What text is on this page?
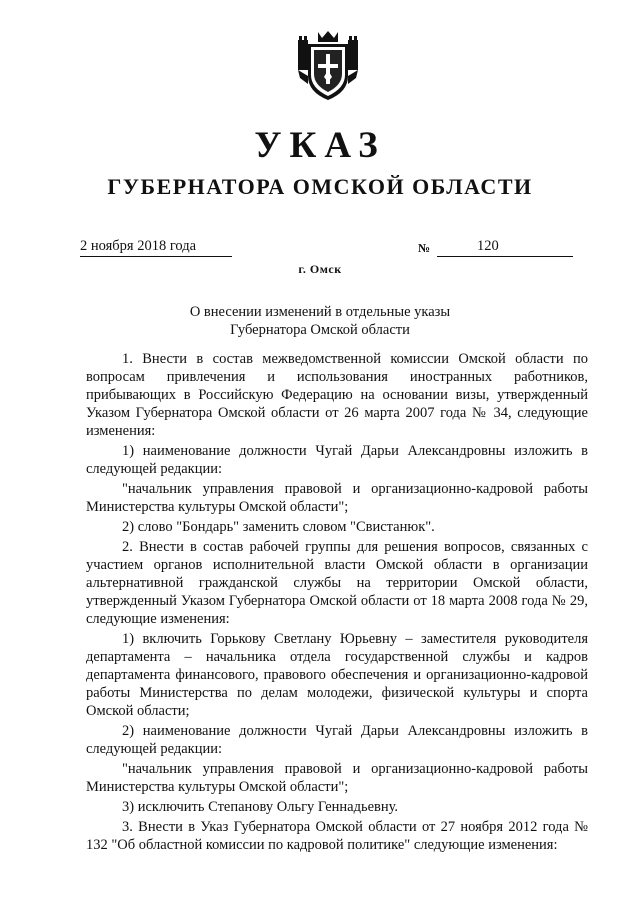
УКАЗ
ГУБЕРНАТОРА ОМСКОЙ ОБЛАСТИ
2 ноября 2018 года	№	120
г. Омск
О внесении изменений в отдельные указы
Губернатора Омской области

1. Внести в состав межведомственной комиссии Омской области по вопросам привлечения и использования иностранных работников, прибывающих в Российскую Федерацию на основании визы, утвержденный Указом Губернатора Омской области от 26 марта 2007 года № 34, следующие изменения:

1) наименование должности Чугай Дарьи Александровны изложить в следующей редакции:

"начальник управления правовой и организационно-кадровой работы Министерства культуры Омской области";

2) слово "Бондарь" заменить словом "Свистанюк".

2. Внести в состав рабочей группы для решения вопросов, связанных с участием органов исполнительной власти Омской области в организации альтернативной гражданской службы на территории Омской области, утвержденный Указом Губернатора Омской области от 18 марта 2008 года № 29, следующие изменения:

1) включить Горькову Светлану Юрьевну – заместителя руководителя департамента – начальника отдела государственной службы и кадров департамента финансового, правового обеспечения и организационно-кадровой работы Министерства по делам молодежи, физической культуры и спорта Омской области;

2) наименование должности Чугай Дарьи Александровны изложить в следующей редакции:

"начальник управления правовой и организационно-кадровой работы Министерства культуры Омской области";

3) исключить Степанову Ольгу Геннадьевну.

3. Внести в Указ Губернатора Омской области от 27 ноября 2012 года № 132 "Об областной комиссии по кадровой политике" следующие изменения:
